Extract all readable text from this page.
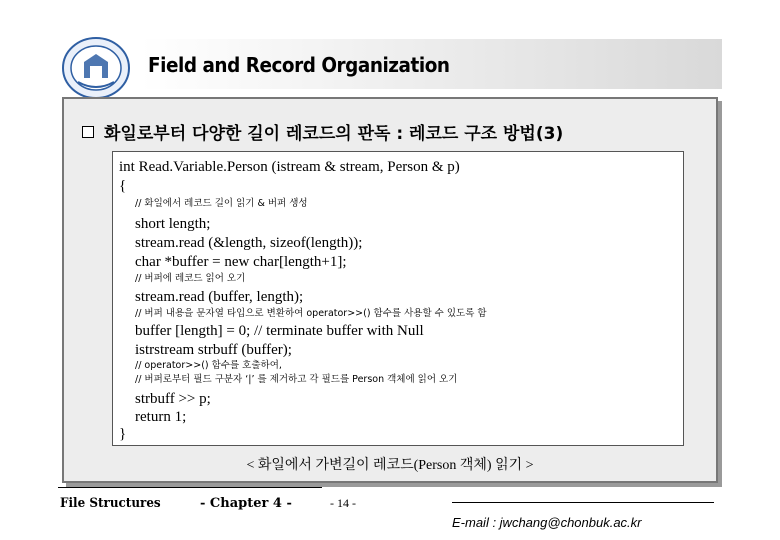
Field and Record Organization
화일로부터 다양한 길이 레코드의 판독 : 레코드 구조 방법(3)
int Read.Variable.Person (istream & stream, Person & p)
{
// 화일에서 레코드 길이 읽기 & 버퍼 생성
short length;
stream.read (&length, sizeof(length));
char *buffer = new char[length+1];
// 버퍼에 레코드 읽어 오기
stream.read (buffer, length);
// 버퍼 내용을 문자열 타입으로 변환하여 operator>>() 함수를 사용할 수 있도록 함
buffer [length] = 0; // terminate buffer with Null
istrstream strbuff (buffer);
// operator>>() 함수를 호출하여,
// 버퍼로부터 필드 구분자 ‘|’ 를 제거하고 각 필드를 Person 객체에 읽어 오기
strbuff >> p;
return 1;
}
< 화일에서 가변길이 레코드(Person 객체) 읽기 >
File Structures	- Chapter 4 -	- 14 -
E-mail : jwchang@chonbuk.ac.kr
